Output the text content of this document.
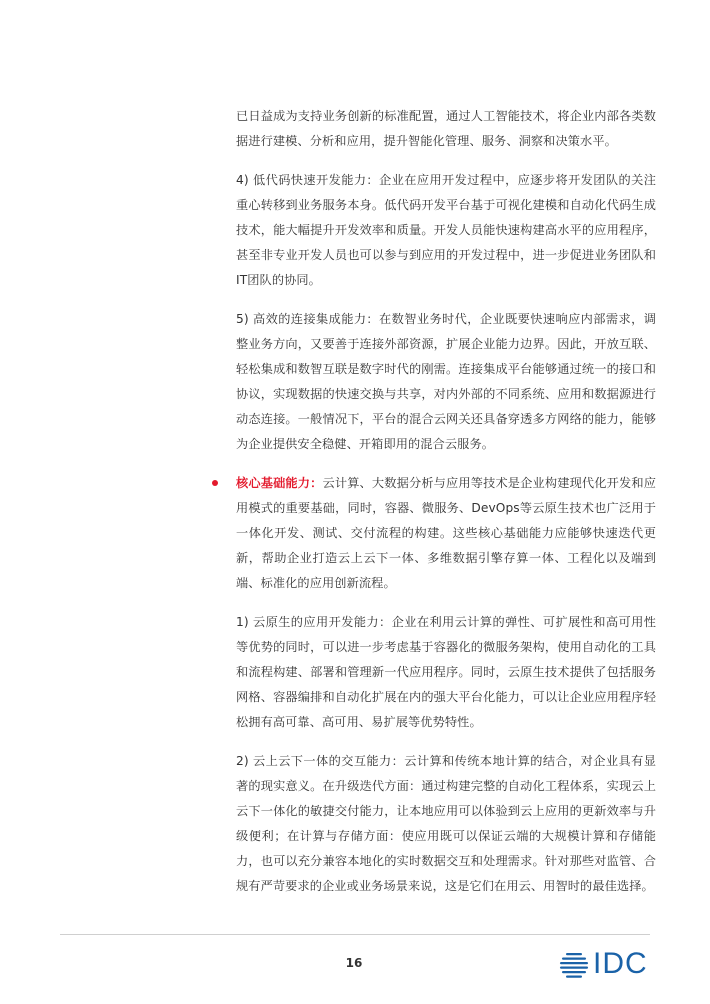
已日益成为支持业务创新的标准配置，通过人工智能技术，将企业内部各类数据进行建模、分析和应用，提升智能化管理、服务、洞察和决策水平。

4) 低代码快速开发能力：企业在应用开发过程中，应逐步将开发团队的关注重心转移到业务服务本身。低代码开发平台基于可视化建模和自动化代码生成技术，能大幅提升开发效率和质量。开发人员能快速构建高水平的应用程序，甚至非专业开发人员也可以参与到应用的开发过程中，进一步促进业务团队和IT团队的协同。

5) 高效的连接集成能力：在数智业务时代，企业既要快速响应内部需求，调整业务方向，又要善于连接外部资源，扩展企业能力边界。因此，开放互联、轻松集成和数智互联是数字时代的刚需。连接集成平台能够通过统一的接口和协议，实现数据的快速交换与共享，对内外部的不同系统、应用和数据源进行动态连接。一般情况下，平台的混合云网关还具备穿透多方网络的能力，能够为企业提供安全稳健、开箱即用的混合云服务。

核心基础能力：云计算、大数据分析与应用等技术是企业构建现代化开发和应用模式的重要基础，同时，容器、微服务、DevOps等云原生技术也广泛用于一体化开发、测试、交付流程的构建。这些核心基础能力应能够快速迭代更新，帮助企业打造云上云下一体、多维数据引擎存算一体、工程化以及端到端、标准化的应用创新流程。

1) 云原生的应用开发能力：企业在利用云计算的弹性、可扩展性和高可用性等优势的同时，可以进一步考虑基于容器化的微服务架构，使用自动化的工具和流程构建、部署和管理新一代应用程序。同时，云原生技术提供了包括服务网格、容器编排和自动化扩展在内的强大平台化能力，可以让企业应用程序轻松拥有高可靠、高可用、易扩展等优势特性。

2) 云上云下一体的交互能力：云计算和传统本地计算的结合，对企业具有显著的现实意义。在升级迭代方面：通过构建完整的自动化工程体系，实现云上云下一体化的敏捷交付能力，让本地应用可以体验到云上应用的更新效率与升级便利；在计算与存储方面：使应用既可以保证云端的大规模计算和存储能力，也可以充分兼容本地化的实时数据交互和处理需求。针对那些对监管、合规有严苛要求的企业或业务场景来说，这是它们在用云、用智时的最佳选择。

16	IDC
